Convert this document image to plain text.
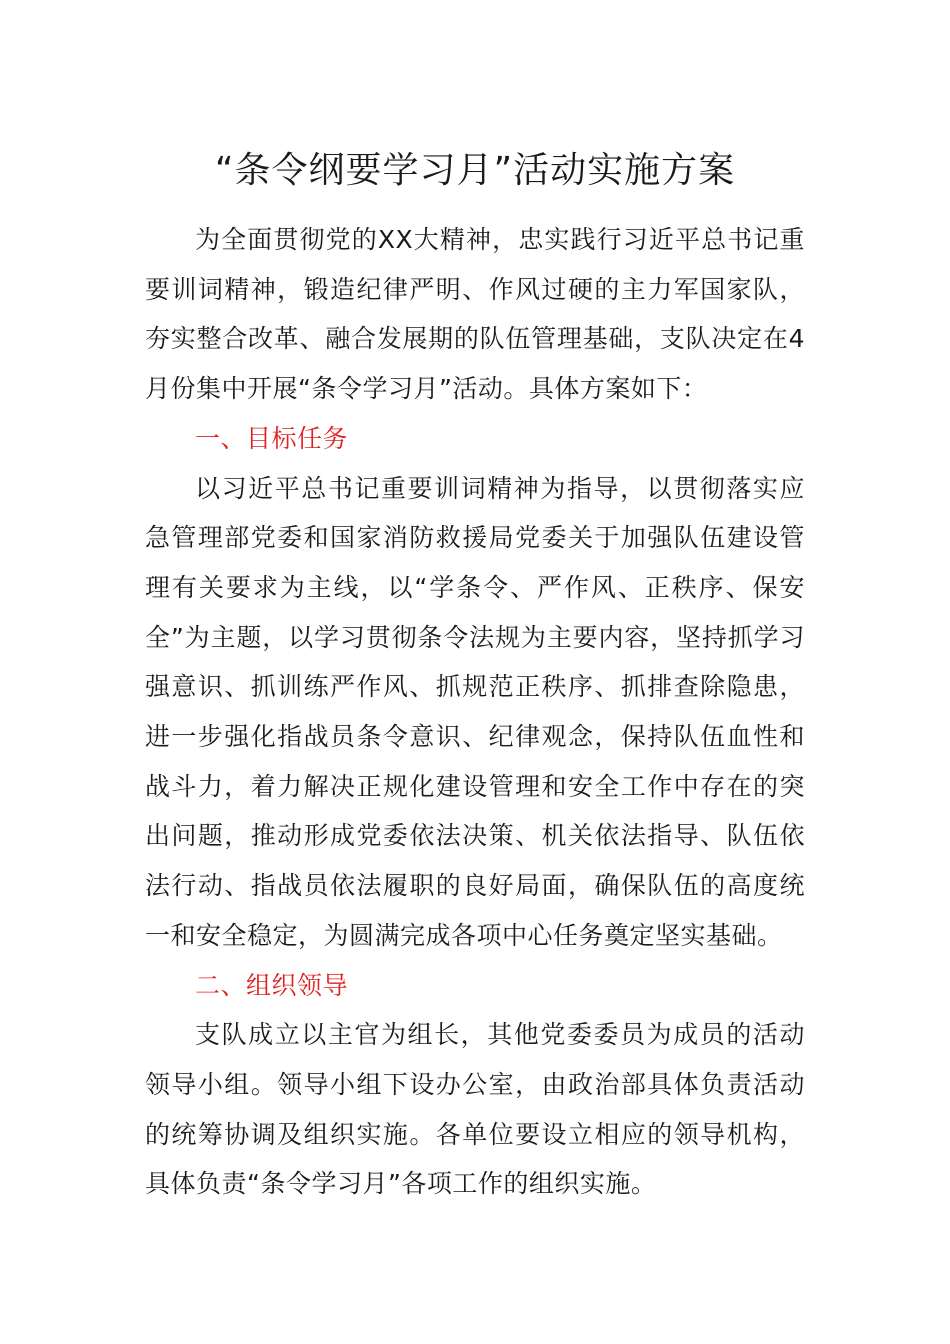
“条令纲要学习月”活动实施方案

为全面贯彻党的XX大精神，忠实践行习近平总书记重要训词精神，锻造纪律严明、作风过硬的主力军国家队，夯实整合改革、融合发展期的队伍管理基础，支队决定在4月份集中开展“条令学习月”活动。具体方案如下：

一、目标任务

以习近平总书记重要训词精神为指导，以贯彻落实应急管理部党委和国家消防救援局党委关于加强队伍建设管理有关要求为主线，以“学条令、严作风、正秩序、保安全”为主题，以学习贯彻条令法规为主要内容，坚持抓学习强意识、抓训练严作风、抓规范正秩序、抓排查除隐患，进一步强化指战员条令意识、纪律观念，保持队伍血性和战斗力，着力解决正规化建设管理和安全工作中存在的突出问题，推动形成党委依法决策、机关依法指导、队伍依法行动、指战员依法履职的良好局面，确保队伍的高度统一和安全稳定，为圆满完成各项中心任务奠定坚实基础。

二、组织领导

支队成立以主官为组长，其他党委委员为成员的活动领导小组。领导小组下设办公室，由政治部具体负责活动的统筹协调及组织实施。各单位要设立相应的领导机构，具体负责“条令学习月”各项工作的组织实施。
